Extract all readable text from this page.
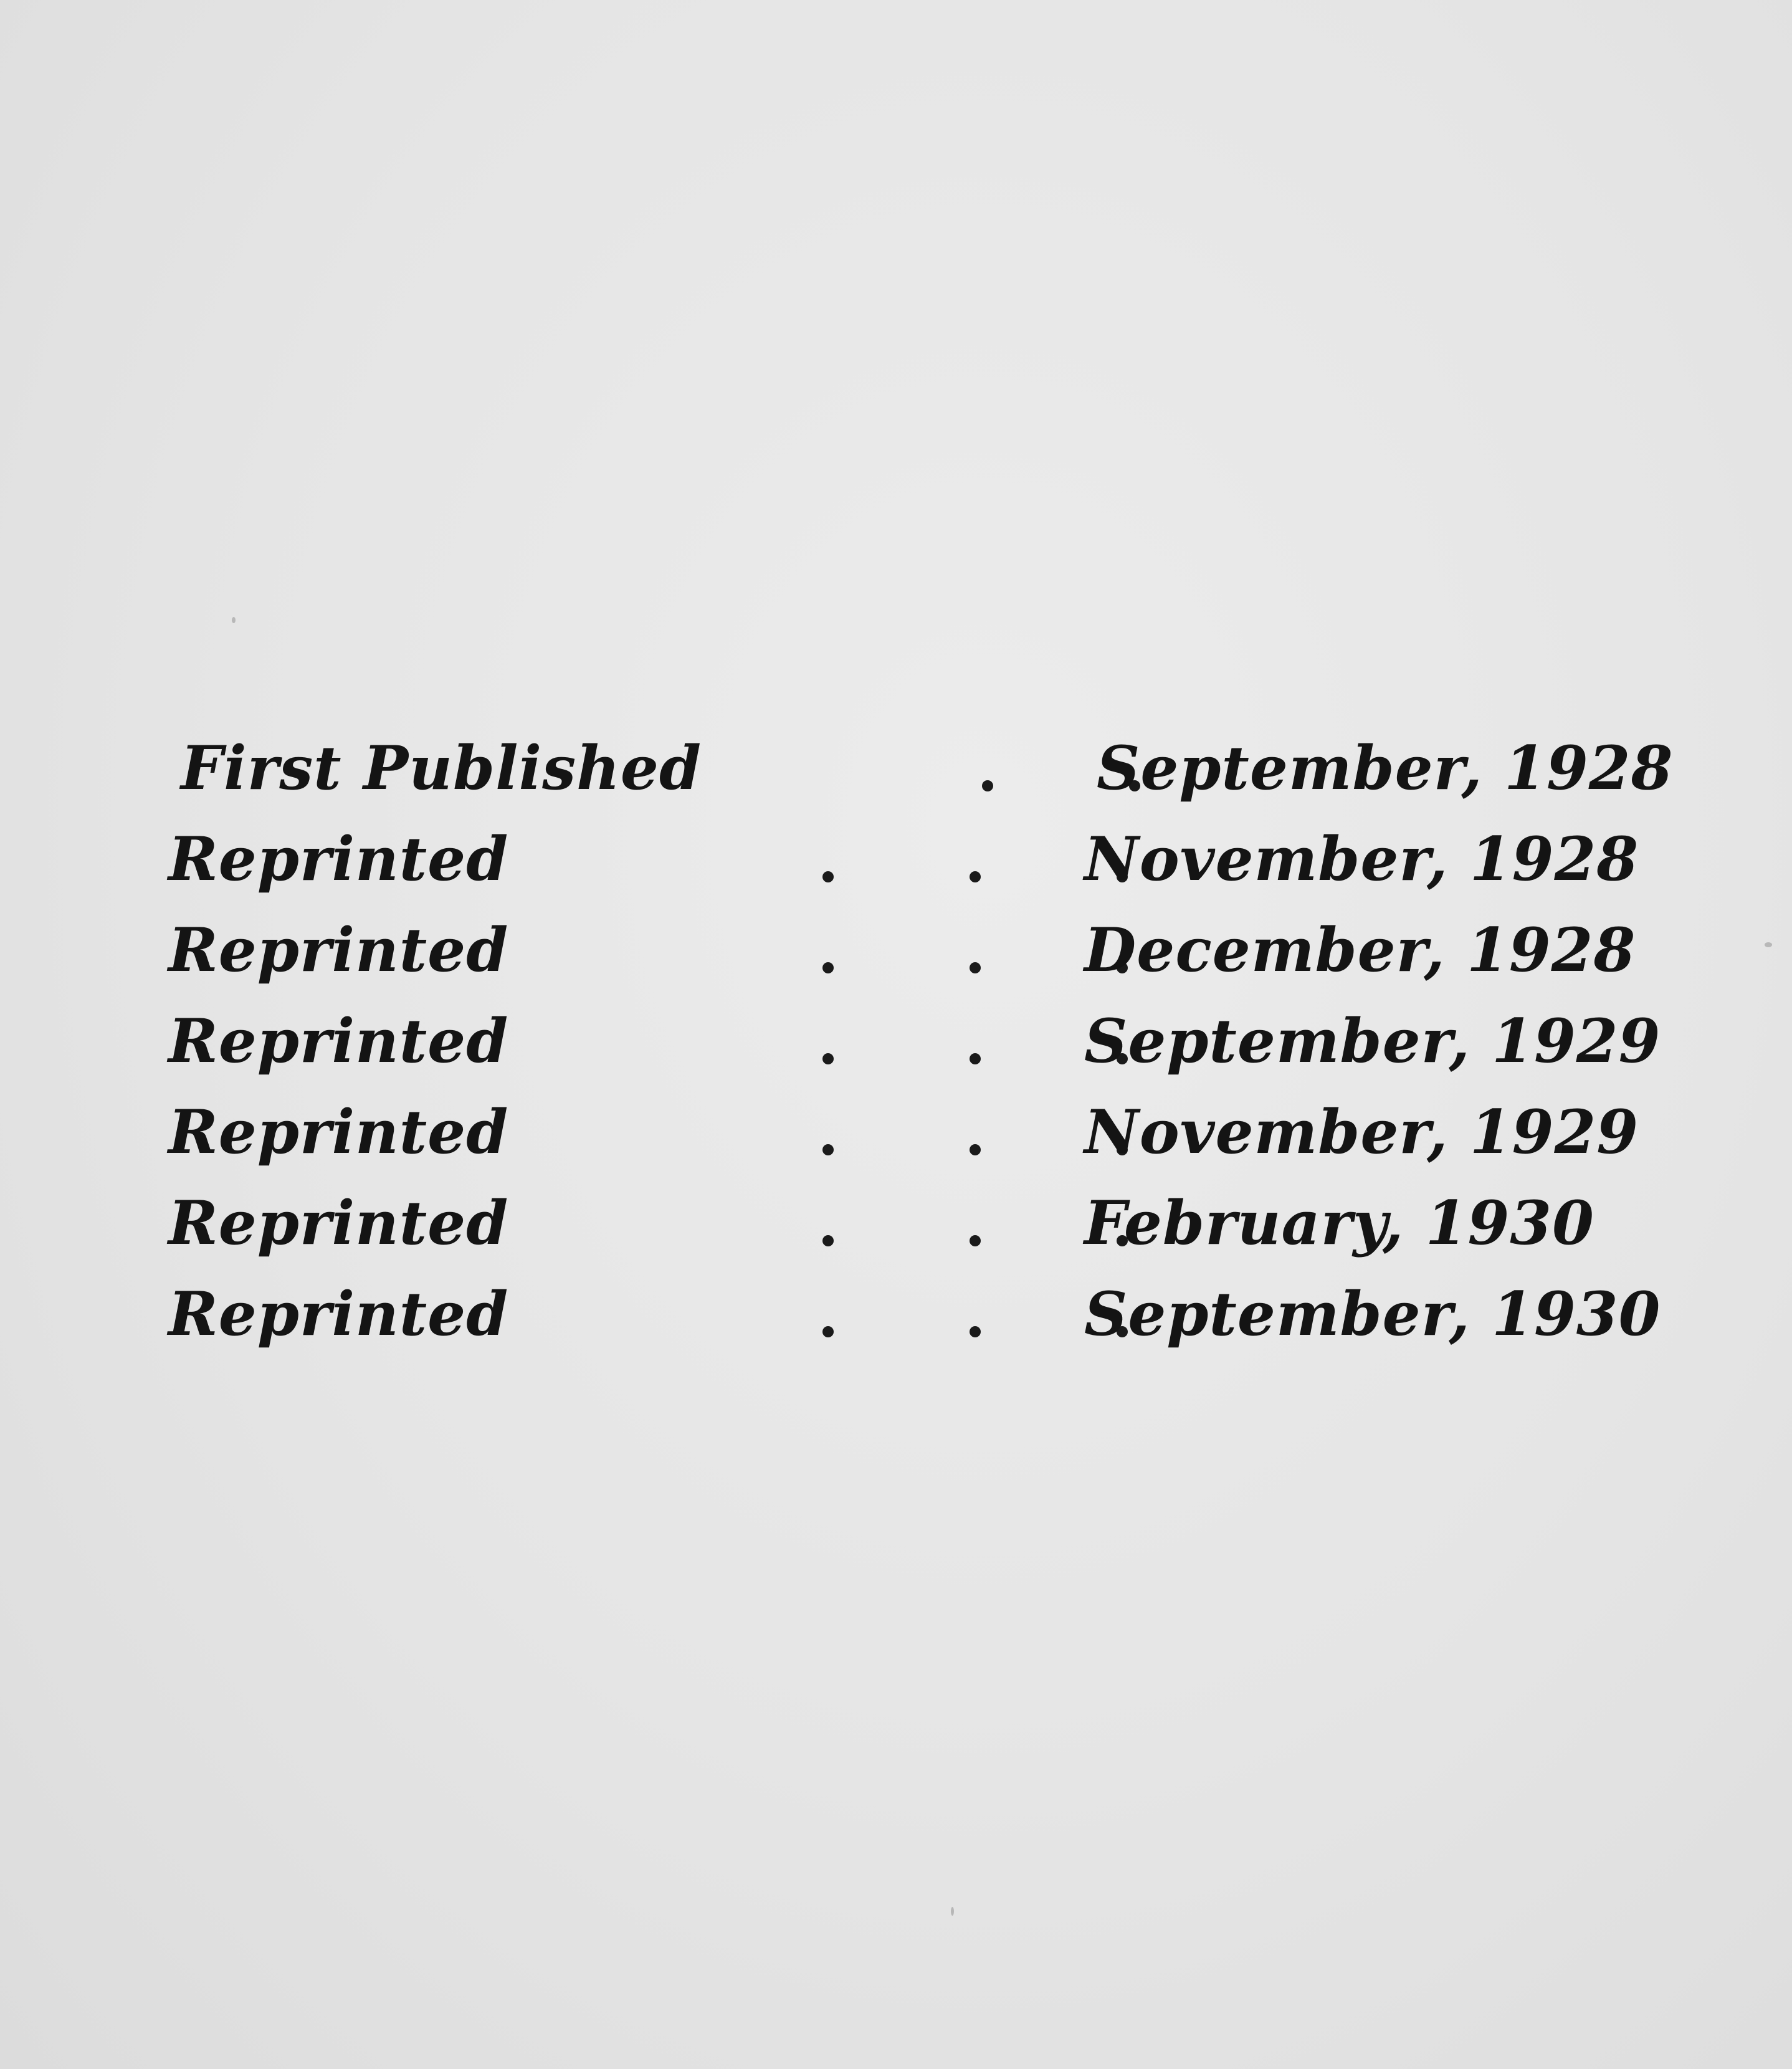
First Published	September, 1928
Reprinted	November, 1928
Reprinted	December, 1928
Reprinted	September, 1929
Reprinted	November, 1929
Reprinted	February, 1930
Reprinted	September, 1930
